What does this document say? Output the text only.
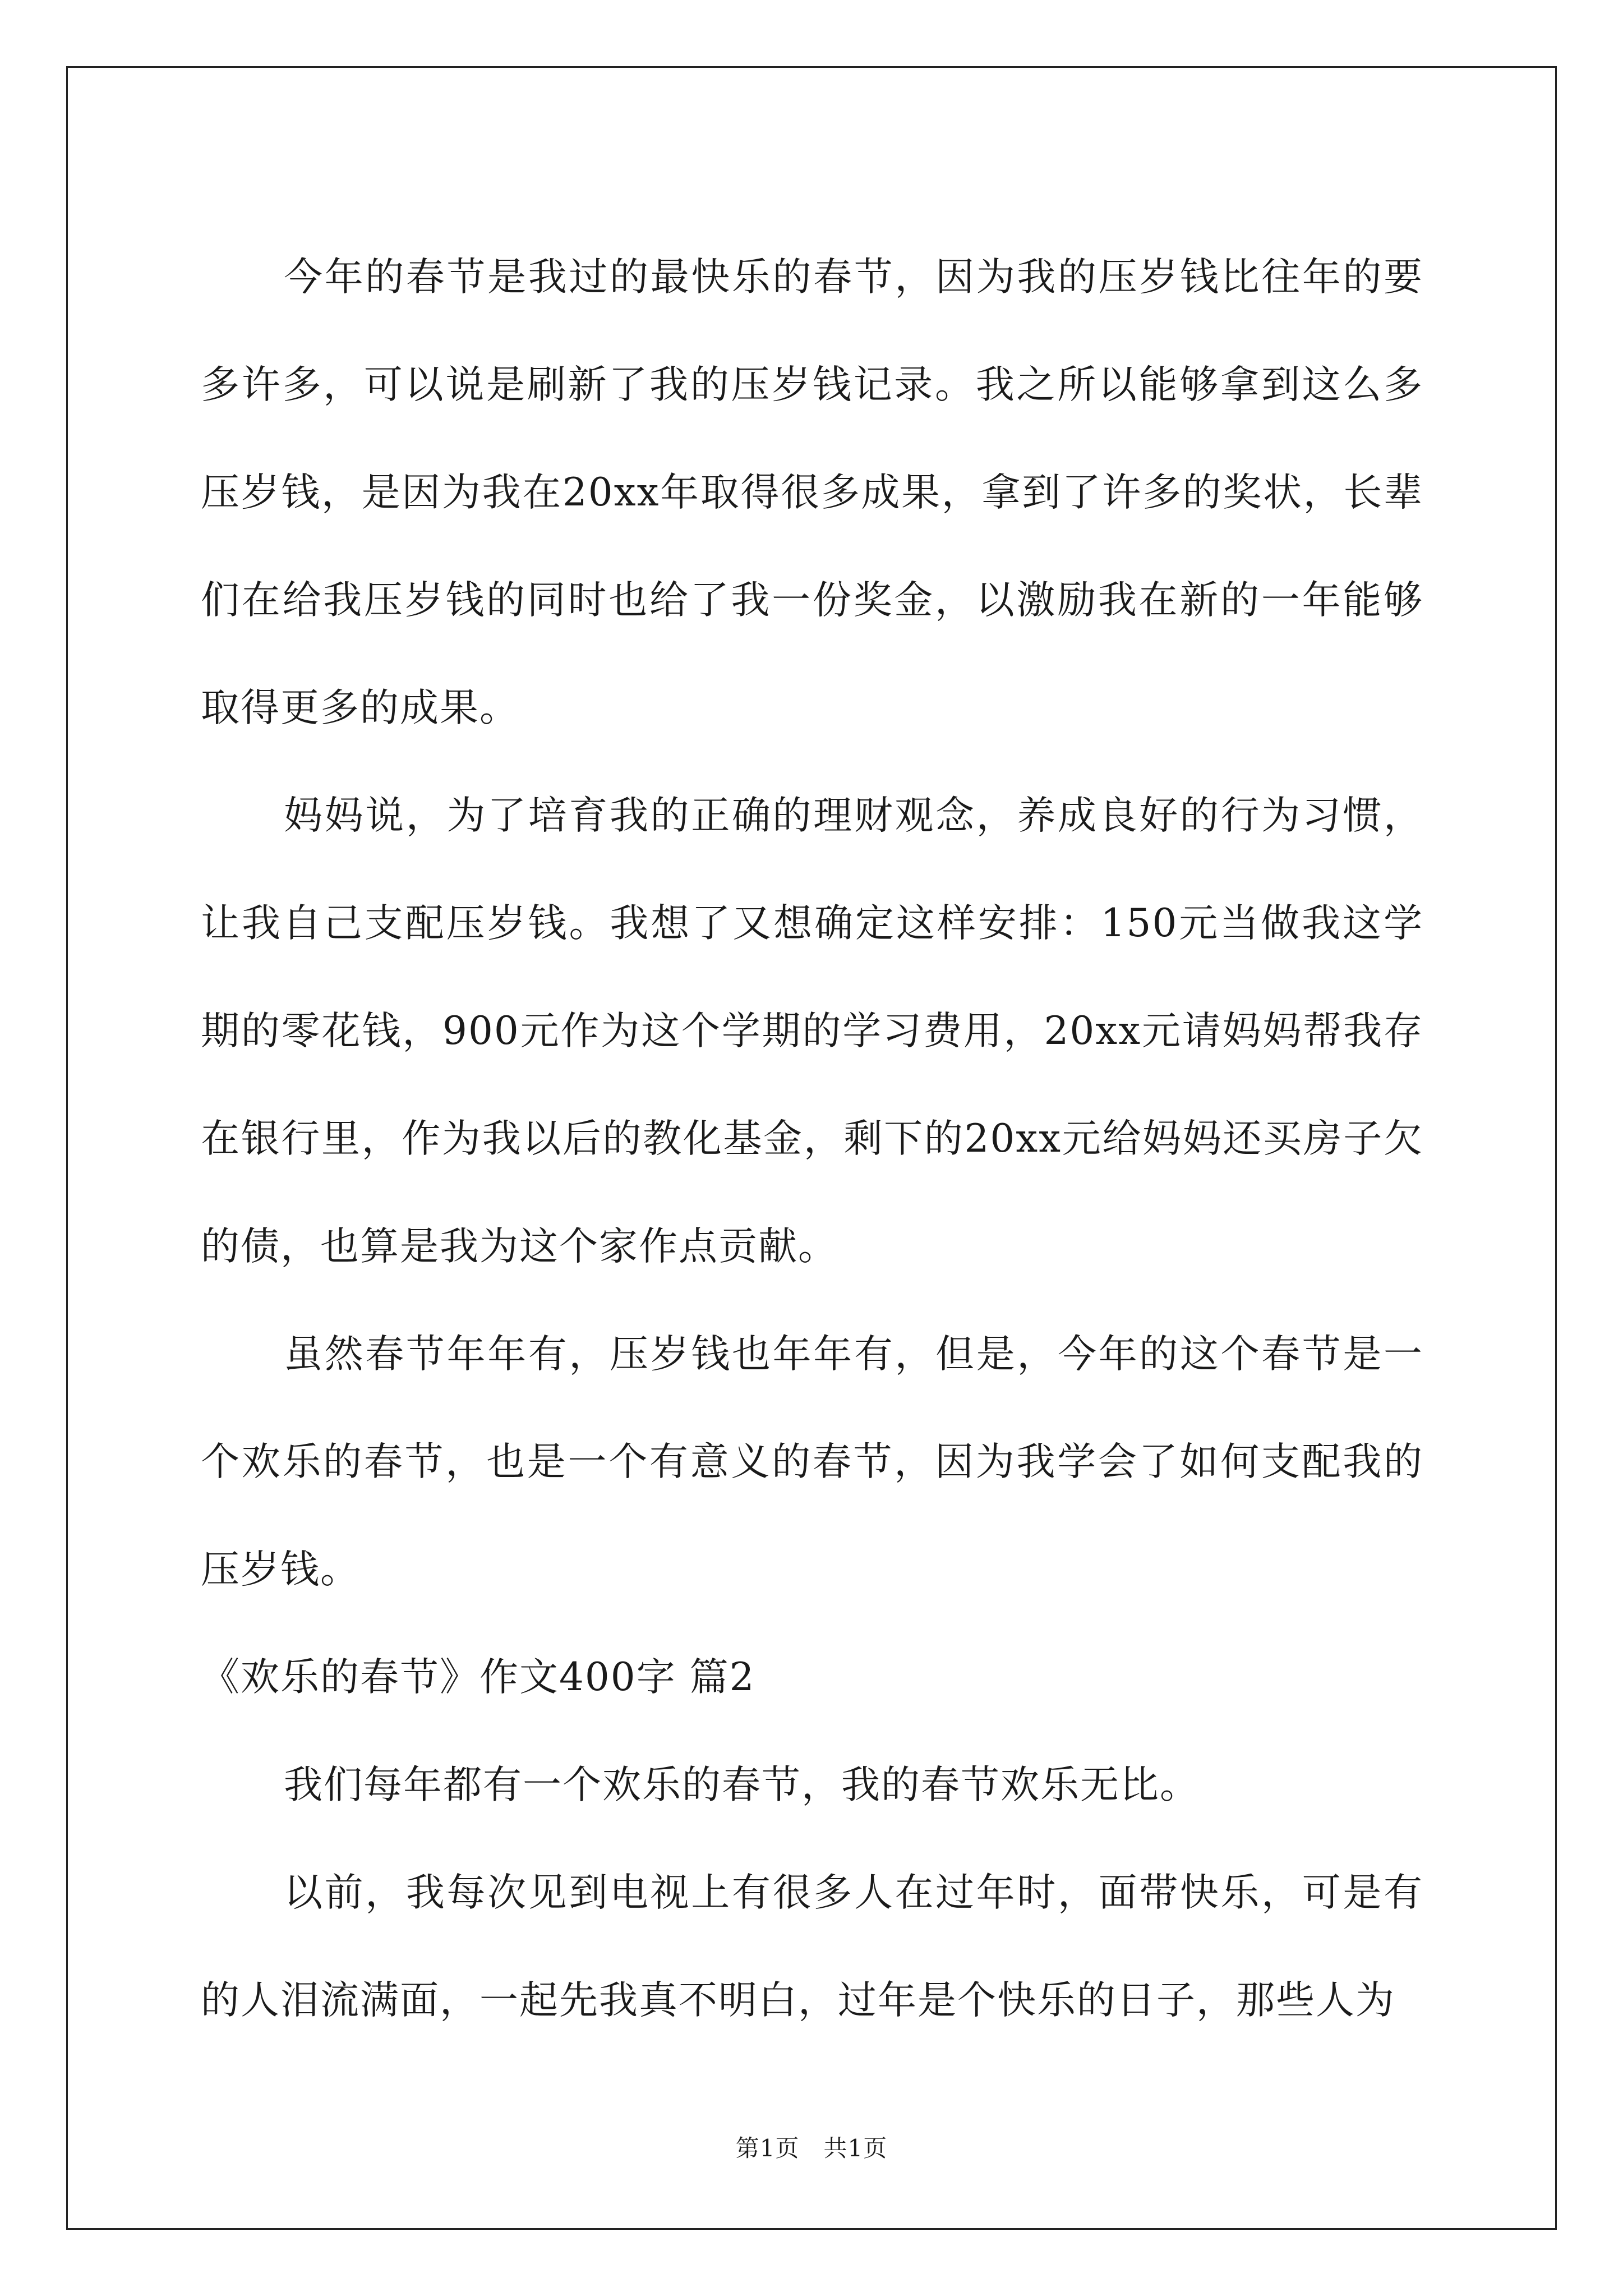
今年的春节是我过的最快乐的春节，因为我的压岁钱比往年的要多许多，可以说是刷新了我的压岁钱记录。我之所以能够拿到这么多压岁钱，是因为我在20xx年取得很多成果，拿到了许多的奖状，长辈们在给我压岁钱的同时也给了我一份奖金，以激励我在新的一年能够取得更多的成果。

妈妈说，为了培育我的正确的理财观念，养成良好的行为习惯，让我自己支配压岁钱。我想了又想确定这样安排：150元当做我这学期的零花钱，900元作为这个学期的学习费用，20xx元请妈妈帮我存在银行里，作为我以后的教化基金，剩下的20xx元给妈妈还买房子欠的债，也算是我为这个家作点贡献。

虽然春节年年有，压岁钱也年年有，但是，今年的这个春节是一个欢乐的春节，也是一个有意义的春节，因为我学会了如何支配我的压岁钱。

《欢乐的春节》作文400字 篇2

我们每年都有一个欢乐的春节，我的春节欢乐无比。

以前，我每次见到电视上有很多人在过年时，面带快乐，可是有的人泪流满面，一起先我真不明白，过年是个快乐的日子，那些人为

第1页　共1页
